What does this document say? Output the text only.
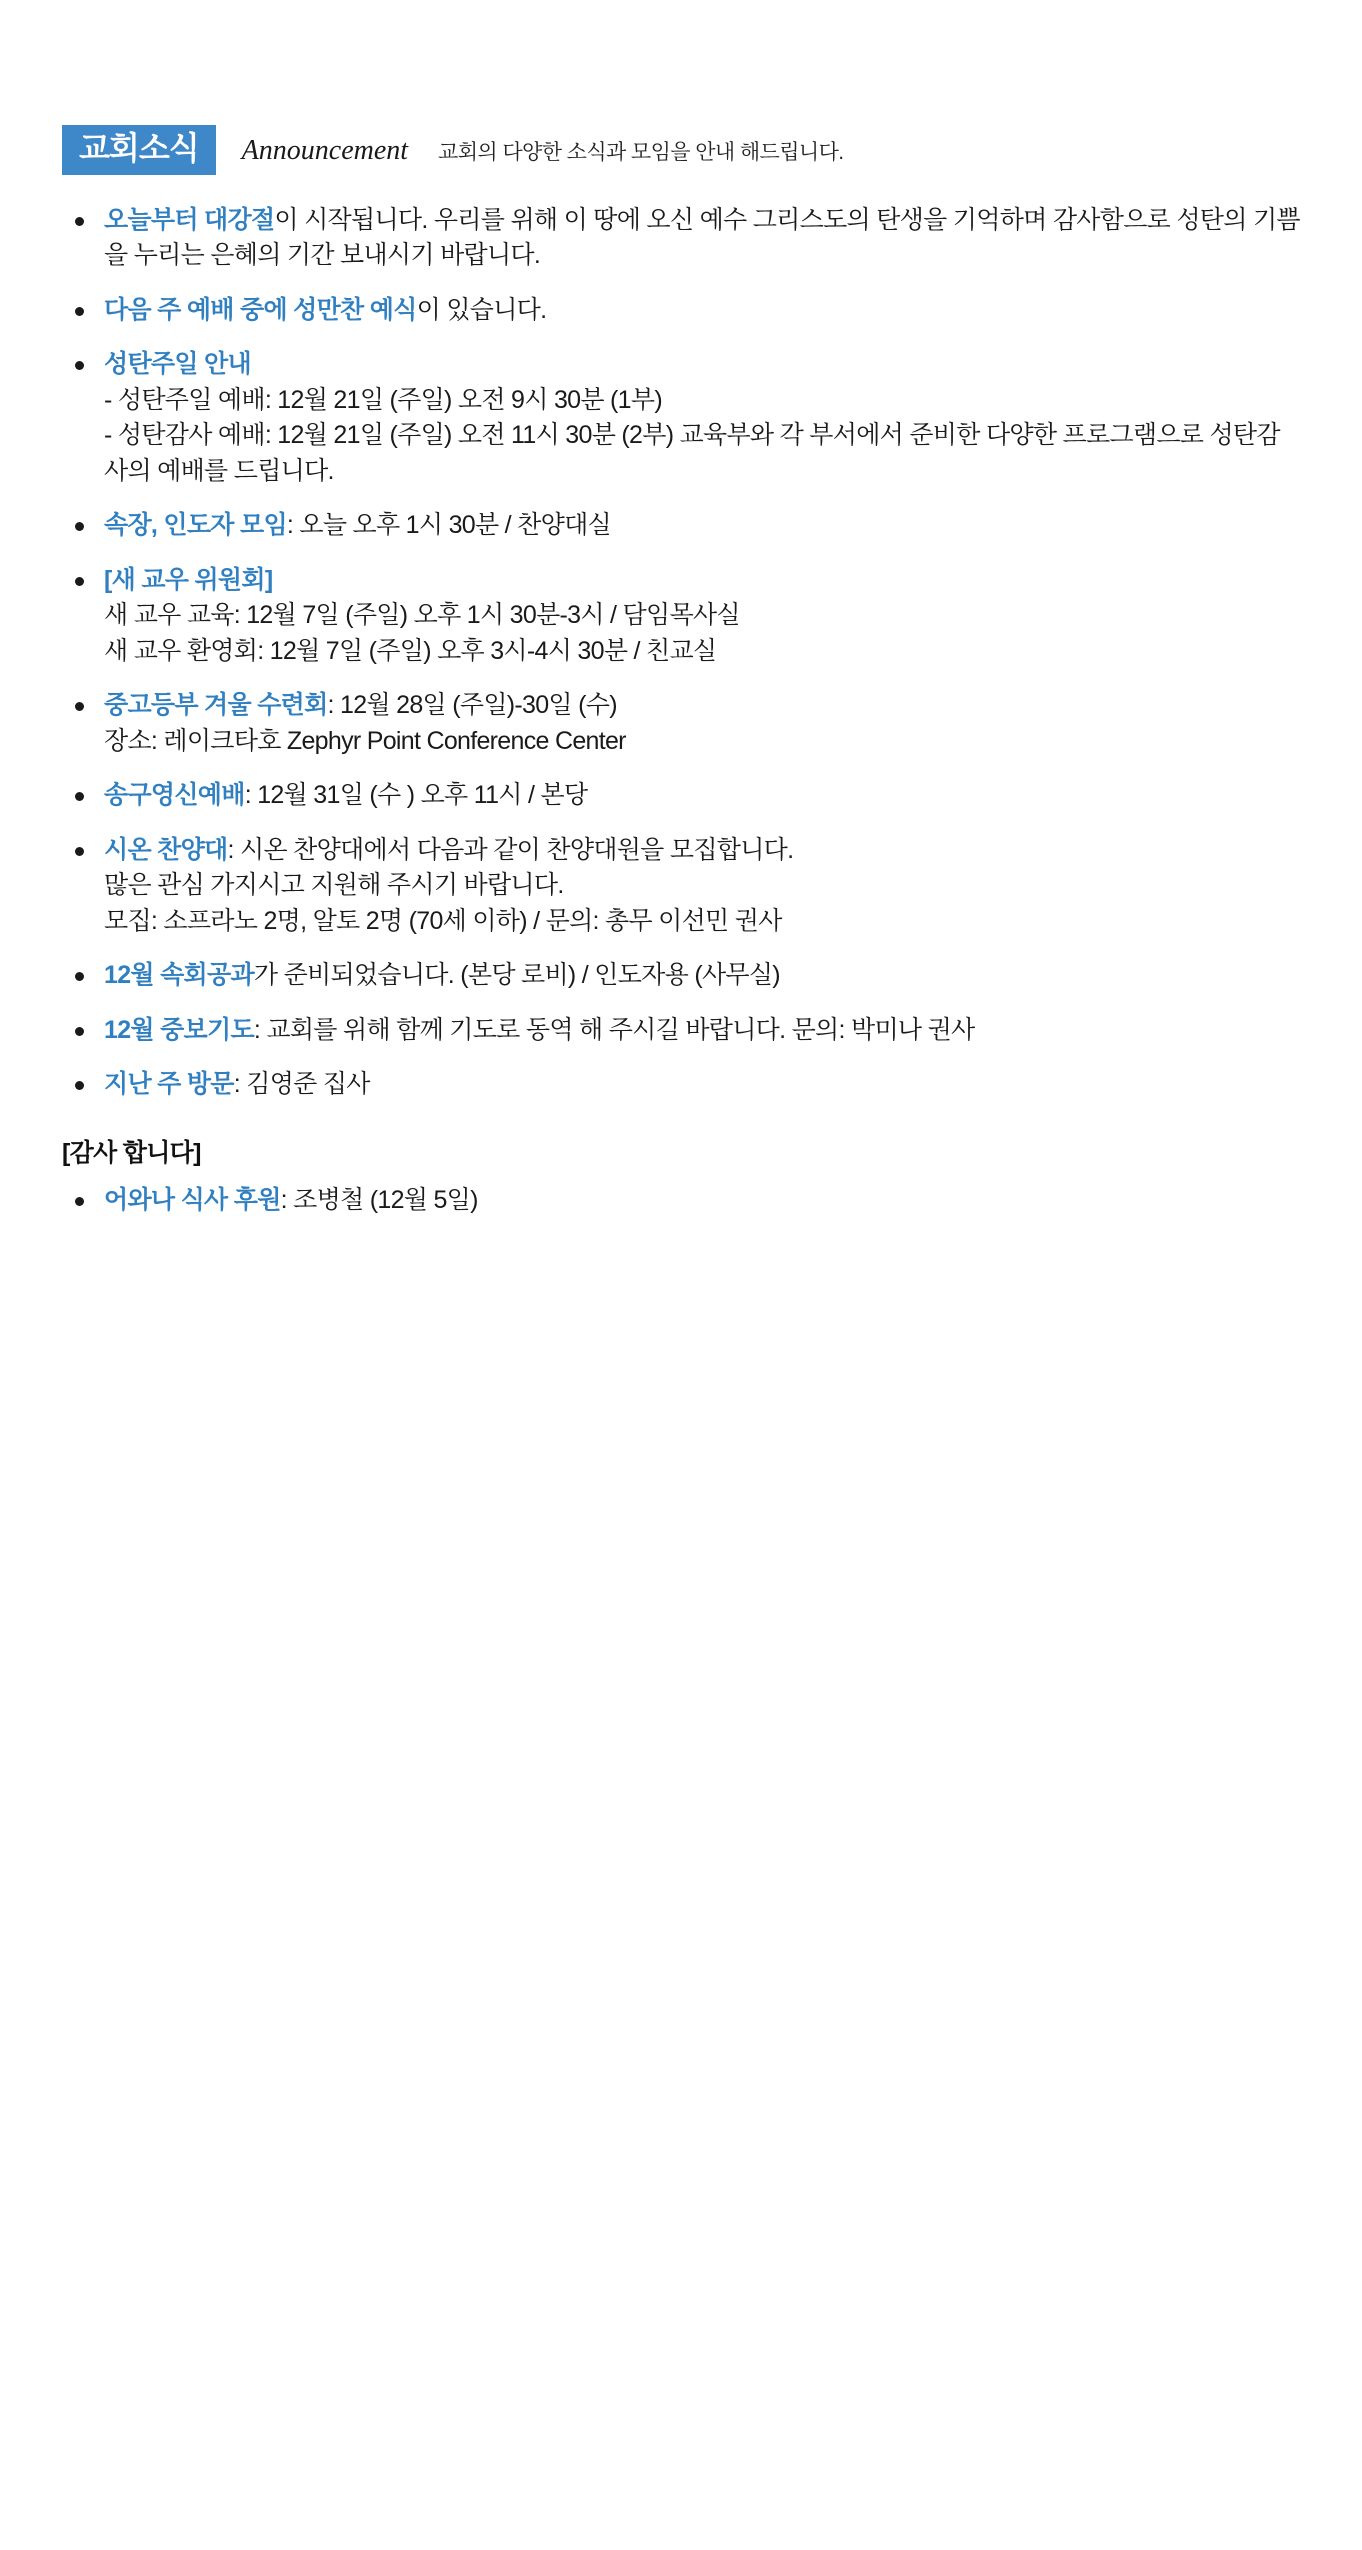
교회소식	Announcement 교회의 다양한 소식과 모임을 안내 해드립니다.
오늘부터 대강절이 시작됩니다. 우리를 위해 이 땅에 오신 예수 그리스도의 탄생을 기억하며 감사함으로 성탄의 기쁨을 누리는 은혜의 기간 보내시기 바랍니다.
다음 주 예배 중에 성만찬 예식이 있습니다.
성탄주일 안내
- 성탄주일 예배: 12월 21일 (주일) 오전 9시 30분 (1부)
- 성탄감사 예배: 12월 21일 (주일) 오전 11시 30분 (2부) 교육부와 각 부서에서 준비한 다양한 프로그램으로 성탄감사의 예배를 드립니다.
속장, 인도자 모임: 오늘 오후 1시 30분 / 찬양대실
[새 교우 위원회]
새 교우 교육: 12월 7일 (주일) 오후 1시 30분-3시 / 담임목사실
새 교우 환영회: 12월 7일 (주일) 오후 3시-4시 30분 / 친교실
중고등부 겨울 수련회: 12월 28일 (주일)-30일 (수)
장소: 레이크타호 Zephyr Point Conference Center
송구영신예배: 12월 31일 (수 ) 오후 11시 / 본당
시온 찬양대: 시온 찬양대에서 다음과 같이 찬양대원을 모집합니다.
많은 관심 가지시고 지원해 주시기 바랍니다.
모집: 소프라노 2명, 알토 2명 (70세 이하) / 문의: 총무 이선민 권사
12월 속회공과가 준비되었습니다. (본당 로비) / 인도자용 (사무실)
12월 중보기도: 교회를 위해 함께 기도로 동역 해 주시길 바랍니다. 문의: 박미나 권사
지난 주 방문: 김영준 집사
[감사 합니다]
어와나 식사 후원: 조병철 (12월 5일)
